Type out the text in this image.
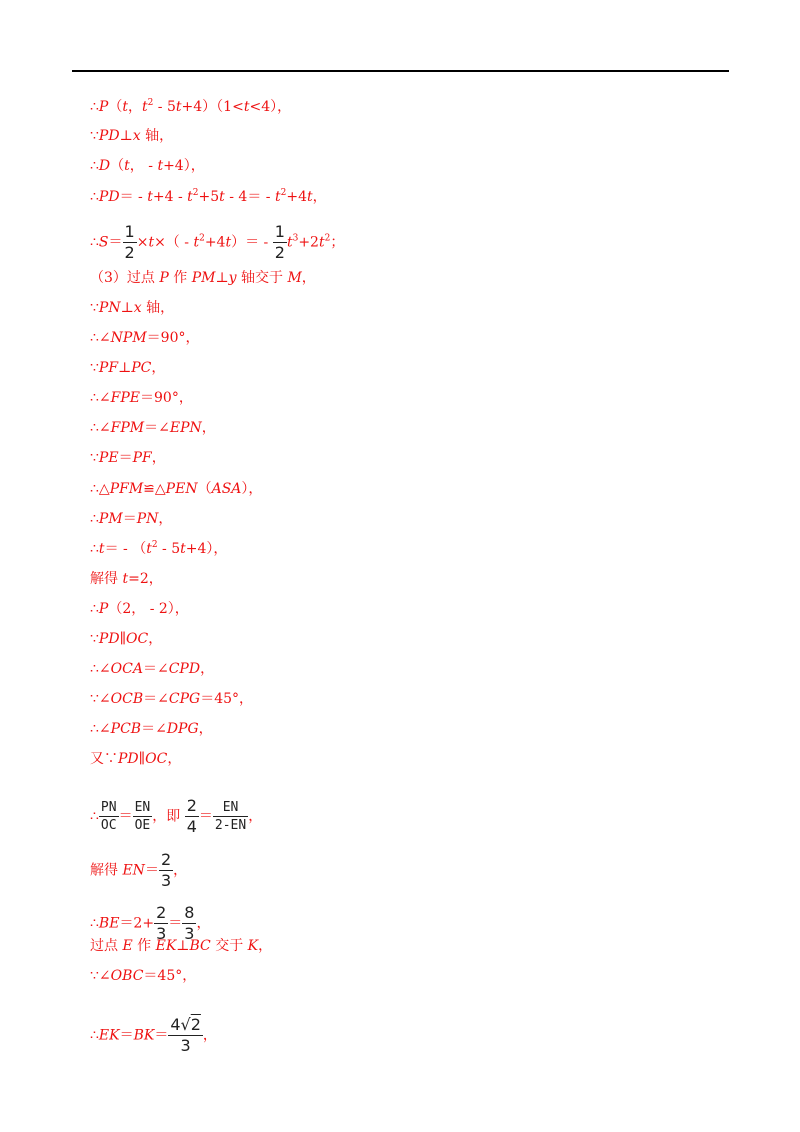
∴P（t，$t^2 - 5t+4)(1<t<4)$，
∵PD⊥x 轴，
∴D（t， - t+4），
∴PD＝ - $t+4 - t^2+5t - 4= - t^2+4t$，
∴S＝ $\frac{1}{2} \times t\times( - t^2+4t)= - \frac{1}{2} t^3+2t^2$；
（3）过点 P 作 PM⊥y 轴交于 M，
∵PN⊥x 轴，
∴∠NPM＝90°，
∵PF⊥PC，
∴∠FPE＝90°，
∴∠FPM＝∠EPN，
∵PE＝PF，
∴△PFM≌△PEN（ASA），
∴PM＝PN，
∴t＝ - $(t^2 - 5t+4)$，
解得 t=2，
∴P（2， - 2），
∵PD∥OC，
∴∠OCA＝∠CPD，
∵∠OCB＝∠CPG＝45°，
∴∠PCB＝∠DPG，
又∵PD∥OC，
∴ $\frac{PN}{OC} = \frac{EN}{OE}$ ，即 $\frac{2}{4} = \frac{EN}{2-EN}$ ，
解得 $EN= \frac{2}{3}$ ，
∴BE＝2+ $\frac{2}{3} = \frac{8}{3}$ ，
过点 E 作 EK⊥BC 交于 K，
∵∠OBC＝45°，
∴EK＝BK＝ $\frac{4√2}{3}$ ，
